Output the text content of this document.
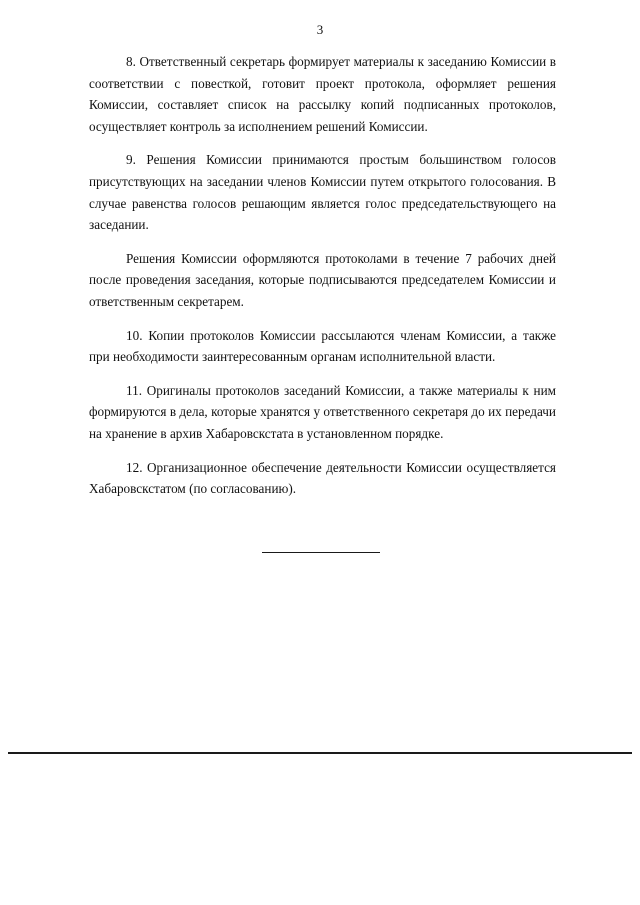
3

8. Ответственный секретарь формирует материалы к заседанию Комиссии в соответствии с повесткой, готовит проект протокола, оформляет решения Комиссии, составляет список на рассылку копий подписанных протоколов, осуществляет контроль за исполнением решений Комиссии.

9. Решения Комиссии принимаются простым большинством голосов присутствующих на заседании членов Комиссии путем открытого голосования. В случае равенства голосов решающим является голос председательствующего на заседании.

Решения Комиссии оформляются протоколами в течение 7 рабочих дней после проведения заседания, которые подписываются председателем Комиссии и ответственным секретарем.

10. Копии протоколов Комиссии рассылаются членам Комиссии, а также при необходимости заинтересованным органам исполнительной власти.

11. Оригиналы протоколов заседаний Комиссии, а также материалы к ним формируются в дела, которые хранятся у ответственного секретаря до их передачи на хранение в архив Хабаровскстата в установленном порядке.

12. Организационное обеспечение деятельности Комиссии осуществляется Хабаровскстатом (по согласованию).
